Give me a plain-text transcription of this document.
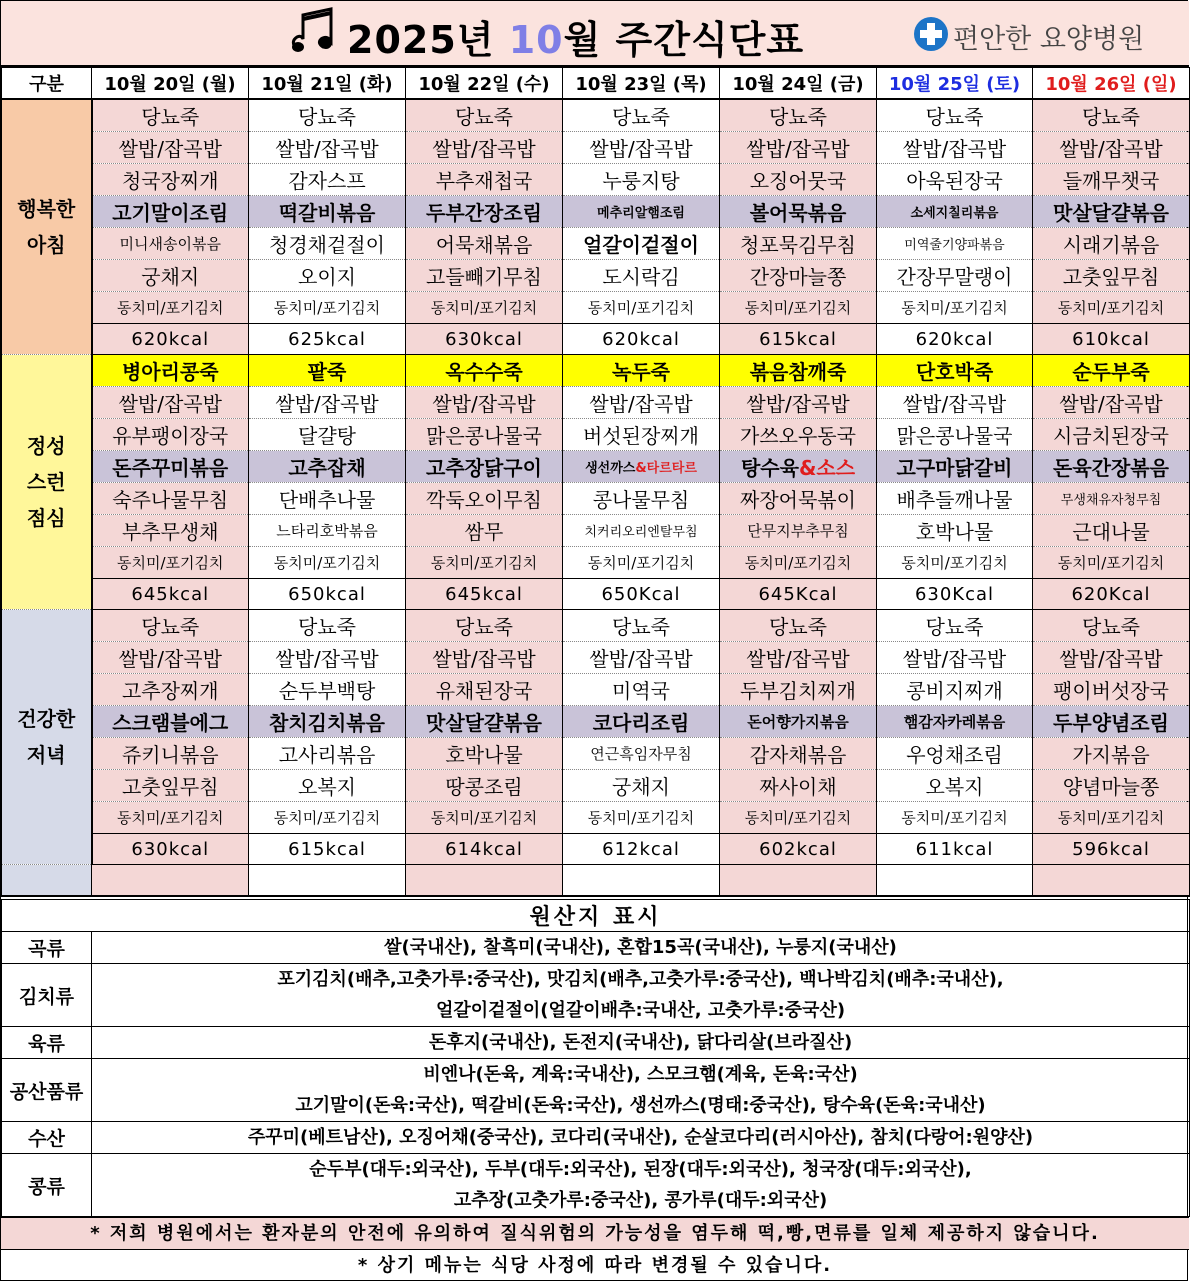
2025년 10월 주간식단표	편안한 요양병원
구분	10월 20일 (월)	10월 21일 (화)	10월 22일 (수)	10월 23일 (목)	10월 24일 (금)	10월 25일 (토)	10월 26일 (일)

행복한
아침	당뇨죽	당뇨죽	당뇨죽	당뇨죽	당뇨죽	당뇨죽	당뇨죽
	쌀밥/잡곡밥	쌀밥/잡곡밥	쌀밥/잡곡밥	쌀밥/잡곡밥	쌀밥/잡곡밥	쌀밥/잡곡밥	쌀밥/잡곡밥
	청국장찌개	감자스프	부추재첩국	누룽지탕	오징어뭇국	아욱된장국	들깨무챗국
	고기말이조림	떡갈비볶음	두부간장조림	메추리알햄조림	볼어묵볶음	소세지칠리볶음	맛살달걀볶음
	미니새송이볶음	청경채겉절이	어묵채볶음	얼갈이겉절이	청포묵김무침	미역줄기양파볶음	시래기볶음
	궁채지	오이지	고들빼기무침	도시락김	간장마늘쫑	간장무말랭이	고춧잎무침
	동치미/포기김치	동치미/포기김치	동치미/포기김치	동치미/포기김치	동치미/포기김치	동치미/포기김치	동치미/포기김치
	620kcal	625kcal	630kcal	620kcal	615kcal	620kcal	610kcal

정성
스런
점심	병아리콩죽	팥죽	옥수수죽	녹두죽	볶음참깨죽	단호박죽	순두부죽
	쌀밥/잡곡밥	쌀밥/잡곡밥	쌀밥/잡곡밥	쌀밥/잡곡밥	쌀밥/잡곡밥	쌀밥/잡곡밥	쌀밥/잡곡밥
	유부팽이장국	달걀탕	맑은콩나물국	버섯된장찌개	가쓰오우동국	맑은콩나물국	시금치된장국
	돈주꾸미볶음	고추잡채	고추장닭구이	생선까스&타르타르	탕수육&소스	고구마닭갈비	돈육간장볶음
	숙주나물무침	단배추나물	깍둑오이무침	콩나물무침	짜장어묵볶이	배추들깨나물	무생채유자청무침
	부추무생채	느타리호박볶음	쌈무	치커리오리엔탈무침	단무지부추무침	호박나물	근대나물
	동치미/포기김치	동치미/포기김치	동치미/포기김치	동치미/포기김치	동치미/포기김치	동치미/포기김치	동치미/포기김치
	645kcal	650kcal	645kcal	650Kcal	645Kcal	630Kcal	620Kcal

건강한
저녁	당뇨죽	당뇨죽	당뇨죽	당뇨죽	당뇨죽	당뇨죽	당뇨죽
	쌀밥/잡곡밥	쌀밥/잡곡밥	쌀밥/잡곡밥	쌀밥/잡곡밥	쌀밥/잡곡밥	쌀밥/잡곡밥	쌀밥/잡곡밥
	고추장찌개	순두부백탕	유채된장국	미역국	두부김치찌개	콩비지찌개	팽이버섯장국
	스크램블에그	참치김치볶음	맛살달걀볶음	코다리조림	돈어향가지볶음	햄감자카레볶음	두부양념조림
	쥬키니볶음	고사리볶음	호박나물	연근흑임자무침	감자채볶음	우엉채조림	가지볶음
	고춧잎무침	오복지	땅콩조림	궁채지	짜사이채	오복지	양념마늘쫑
	동치미/포기김치	동치미/포기김치	동치미/포기김치	동치미/포기김치	동치미/포기김치	동치미/포기김치	동치미/포기김치
	630kcal	615kcal	614kcal	612kcal	602kcal	611kcal	596kcal

원산지 표시	
곡류	쌀(국내산), 찰흑미(국내산), 혼합15곡(국내산), 누룽지(국내산)

김치류	포기김치(배추,고춧가루:중국산), 맛김치(배추,고춧가루:중국산), 백나박김치(배추:국내산),
얼갈이겉절이(얼갈이배추:국내산, 고춧가루:중국산)

육류	돈후지(국내산), 돈전지(국내산), 닭다리살(브라질산)

공산품류	비엔나(돈육, 계육:국내산), 스모크햄(계육, 돈육:국산)
고기말이(돈육:국산), 떡갈비(돈육:국산), 생선까스(명태:중국산), 탕수육(돈육:국내산)

수산	주꾸미(베트남산), 오징어채(중국산), 코다리(국내산), 순살코다리(러시아산), 참치(다랑어:원양산)

콩류	순두부(대두:외국산), 두부(대두:외국산), 된장(대두:외국산), 청국장(대두:외국산),
고추장(고춧가루:중국산), 콩가루(대두:외국산)
* 저희 병원에서는 환자분의 안전에 유의하여 질식위험의 가능성을 염두해 떡,빵,면류를 일체 제공하지 않습니다.
* 상기 메뉴는 식당 사정에 따라 변경될 수 있습니다.
